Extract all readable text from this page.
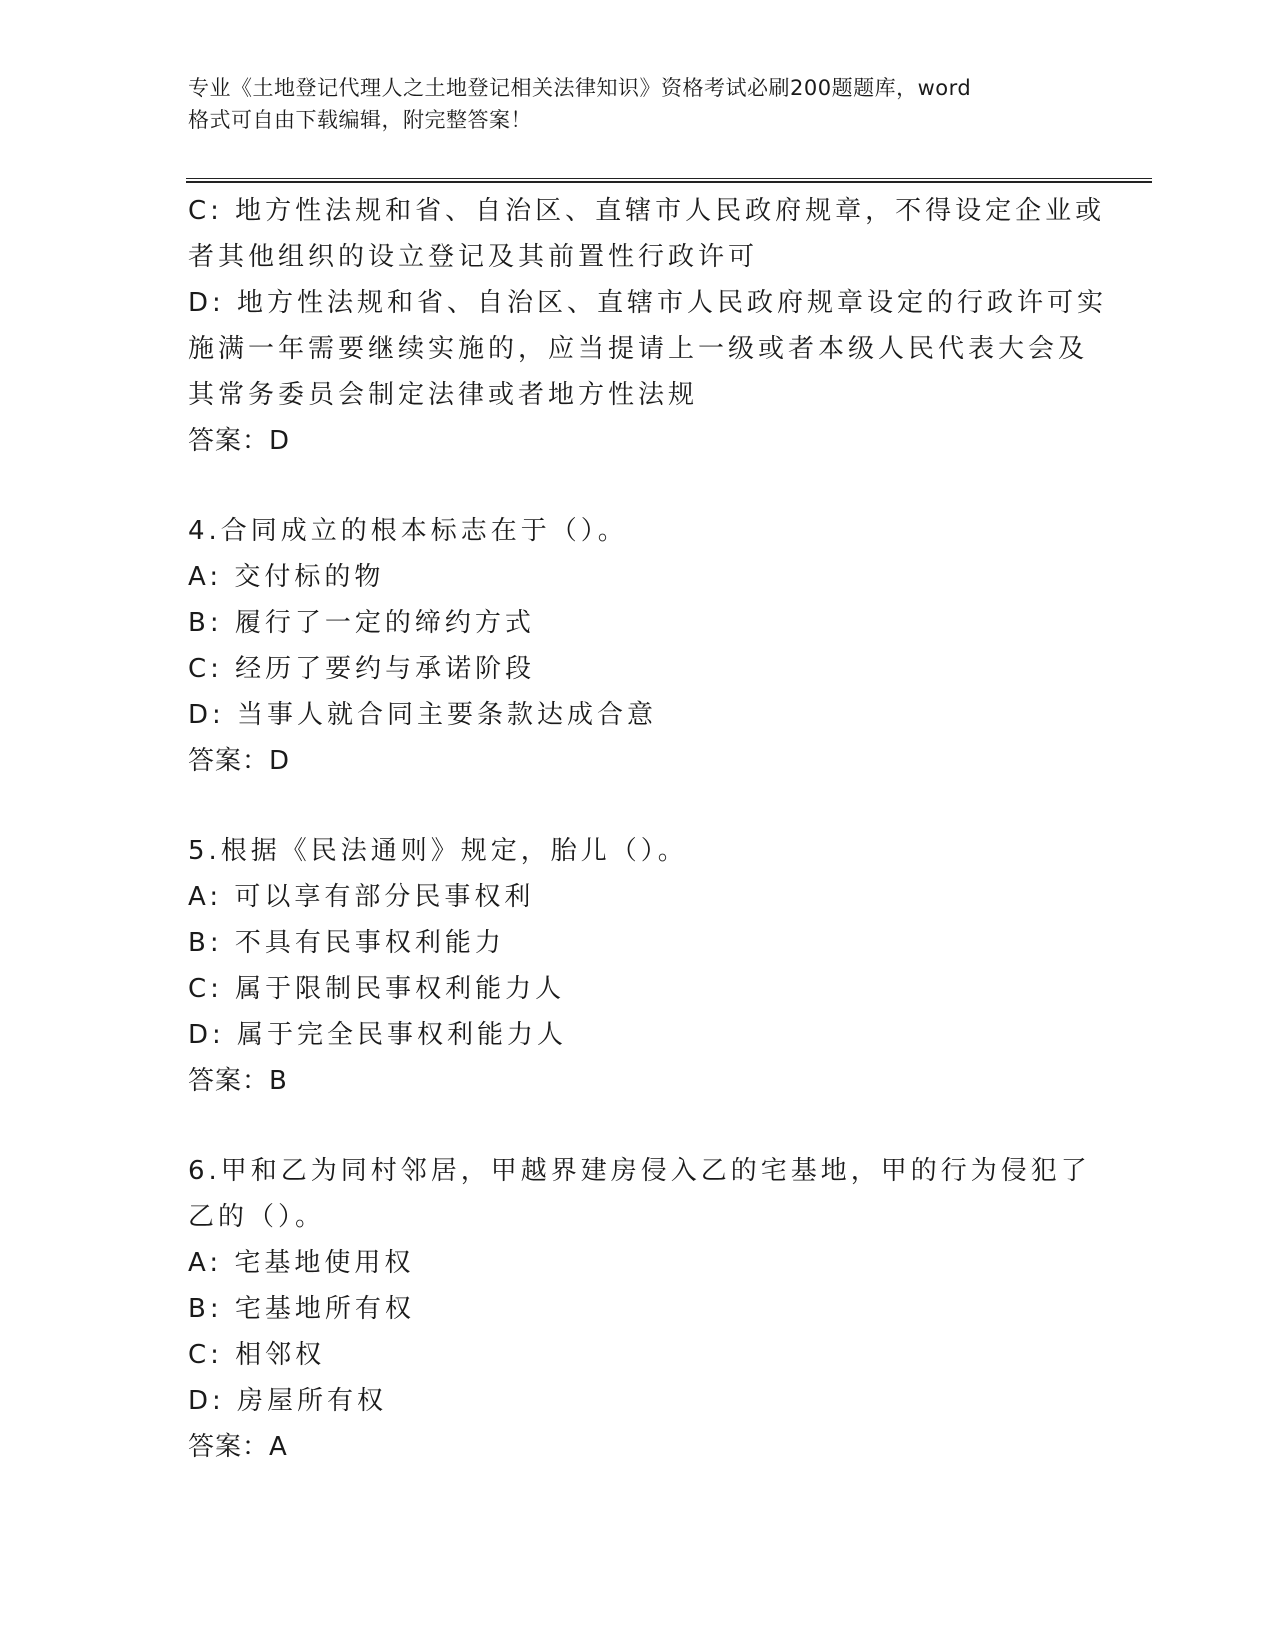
专业《土地登记代理人之土地登记相关法律知识》资格考试必刷200题题库，word
格式可自由下载编辑，附完整答案！
C: 地方性法规和省、自治区、直辖市人民政府规章，不得设定企业或
者其他组织的设立登记及其前置性行政许可
D: 地方性法规和省、自治区、直辖市人民政府规章设定的行政许可实
施满一年需要继续实施的，应当提请上一级或者本级人民代表大会及
其常务委员会制定法律或者地方性法规
答案：D
4.合同成立的根本标志在于（）。
A: 交付标的物
B: 履行了一定的缔约方式
C: 经历了要约与承诺阶段
D: 当事人就合同主要条款达成合意
答案：D
5.根据《民法通则》规定，胎儿（）。
A: 可以享有部分民事权利
B: 不具有民事权利能力
C: 属于限制民事权利能力人
D: 属于完全民事权利能力人
答案：B
6.甲和乙为同村邻居，甲越界建房侵入乙的宅基地，甲的行为侵犯了
乙的（）。
A: 宅基地使用权
B: 宅基地所有权
C: 相邻权
D: 房屋所有权
答案：A
